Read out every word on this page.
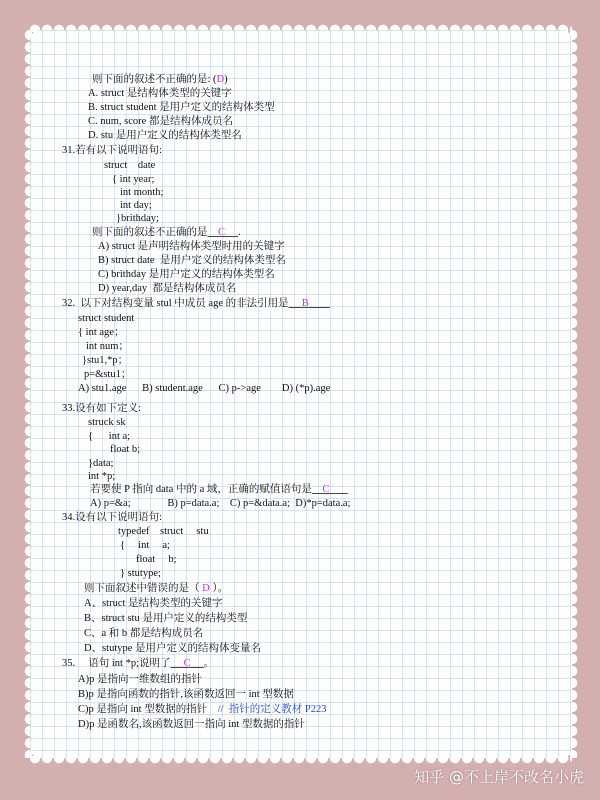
则下面的叙述不正确的是: (D)
A. struct 是结构体类型的关键字
B. struct student 是用户定义的结构体类型
C. num, score 都是结构体成员名
D. stu 是用户定义的结构体类型名
31.若有以下说明语句:
struct    date
{ int year;
int month;
int day;
}brithday;
则下面的叙述不正确的是 C .
A) struct 是声明结构体类型时用的关键字
B) struct date  是用户定义的结构体类型名
C) brithday 是用户定义的结构体类型名
D) year,day  都是结构体成员名
32.  以下对结构变量 stul 中成员 age 的非法引用是 B
struct student
{ int age；
int num；
}stu1,*p；
p=&stu1；
A) stu1.age      B) student.age      C) p->age        D) (*p).age
33.设有如下定义:
struck sk
{      int a;
float b;
}data;
int *p;
若要使 P 指向 data 中的 a 域，正确的赋值语句是 C
A) p=&a;              B) p=data.a;    C) p=&data.a;  D)*p=data.a;
34.设有以下说明语句:
typedef    struct     stu
{     int     a;
float     b;
} stutype;
则下面叙述中错误的是（ D ）。
A、struct 是结构类型的关键字
B、struct stu 是用户定义的结构类型
C、a 和 b 都是结构成员名
D、stutype 是用户定义的结构体变量名
35.     语句 int *p;说明了 C 。
A)p 是指向一维数组的指针
B)p 是指向函数的指针,该函数返回一 int 型数据
C)p 是指向 int 型数据的指针    //  指针的定义教材 P223
D)p 是函数名,该函数返回一指向 int 型数据的指针
知乎 @不上岸不改名小虎
